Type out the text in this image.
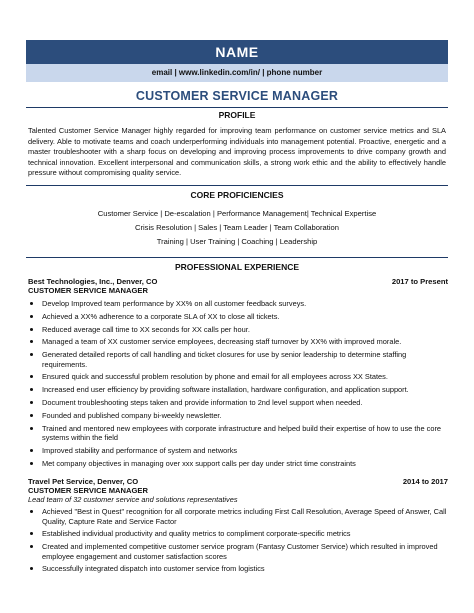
NAME
email | www.linkedin.com/in/ | phone number
CUSTOMER SERVICE MANAGER
PROFILE

Talented Customer Service Manager highly regarded for improving team performance on customer service metrics and SLA delivery. Able to motivate teams and coach underperforming individuals into management potential. Proactive, energetic and a master troubleshooter with a sharp focus on developing and improving process improvements to drive company growth and technical innovation. Excellent interpersonal and communication skills, a strong work ethic and the ability to effectively handle pressure without compromising quality service.

CORE PROFICIENCIES
Customer Service | De-escalation | Performance Management| Technical Expertise
Crisis Resolution | Sales | Team Leader | Team Collaboration
Training | User Training | Coaching | Leadership
PROFESSIONAL EXPERIENCE
Best Technologies, Inc., Denver, CO	2017 to Present
CUSTOMER SERVICE MANAGER
Develop Improved team performance by XX% on all customer feedback surveys.
Achieved a XX% adherence to a corporate SLA of XX to close all tickets.
Reduced average call time to XX seconds for XX calls per hour.
Managed a team of XX customer service employees, decreasing staff turnover by XX% with improved morale.
Generated detailed reports of call handling and ticket closures for use by senior leadership to determine staffing requirements.
Ensured quick and successful problem resolution by phone and email for all employees across XX States.
Increased end user efficiency by providing software installation, hardware configuration, and application support.
Document troubleshooting steps taken and provide information to 2nd level support when needed.
Founded and published company bi-weekly newsletter.
Trained and mentored new employees with corporate infrastructure and helped build their expertise of how to use the core systems within the field
Improved stability and performance of system and networks
Met company objectives in managing over xxx support calls per day under strict time constraints
Travel Pet Service, Denver, CO	2014 to 2017
CUSTOMER SERVICE MANAGER
Lead team of 32 customer service and solutions representatives
Achieved "Best in Quest" recognition for all corporate metrics including First Call Resolution, Average Speed of Answer, Call Quality, Capture Rate and Service Factor
Established individual productivity and quality metrics to compliment corporate-specific metrics
Created and implemented competitive customer service program (Fantasy Customer Service) which resulted in improved employee engagement and customer satisfaction scores
Successfully integrated dispatch into customer service from logistics
